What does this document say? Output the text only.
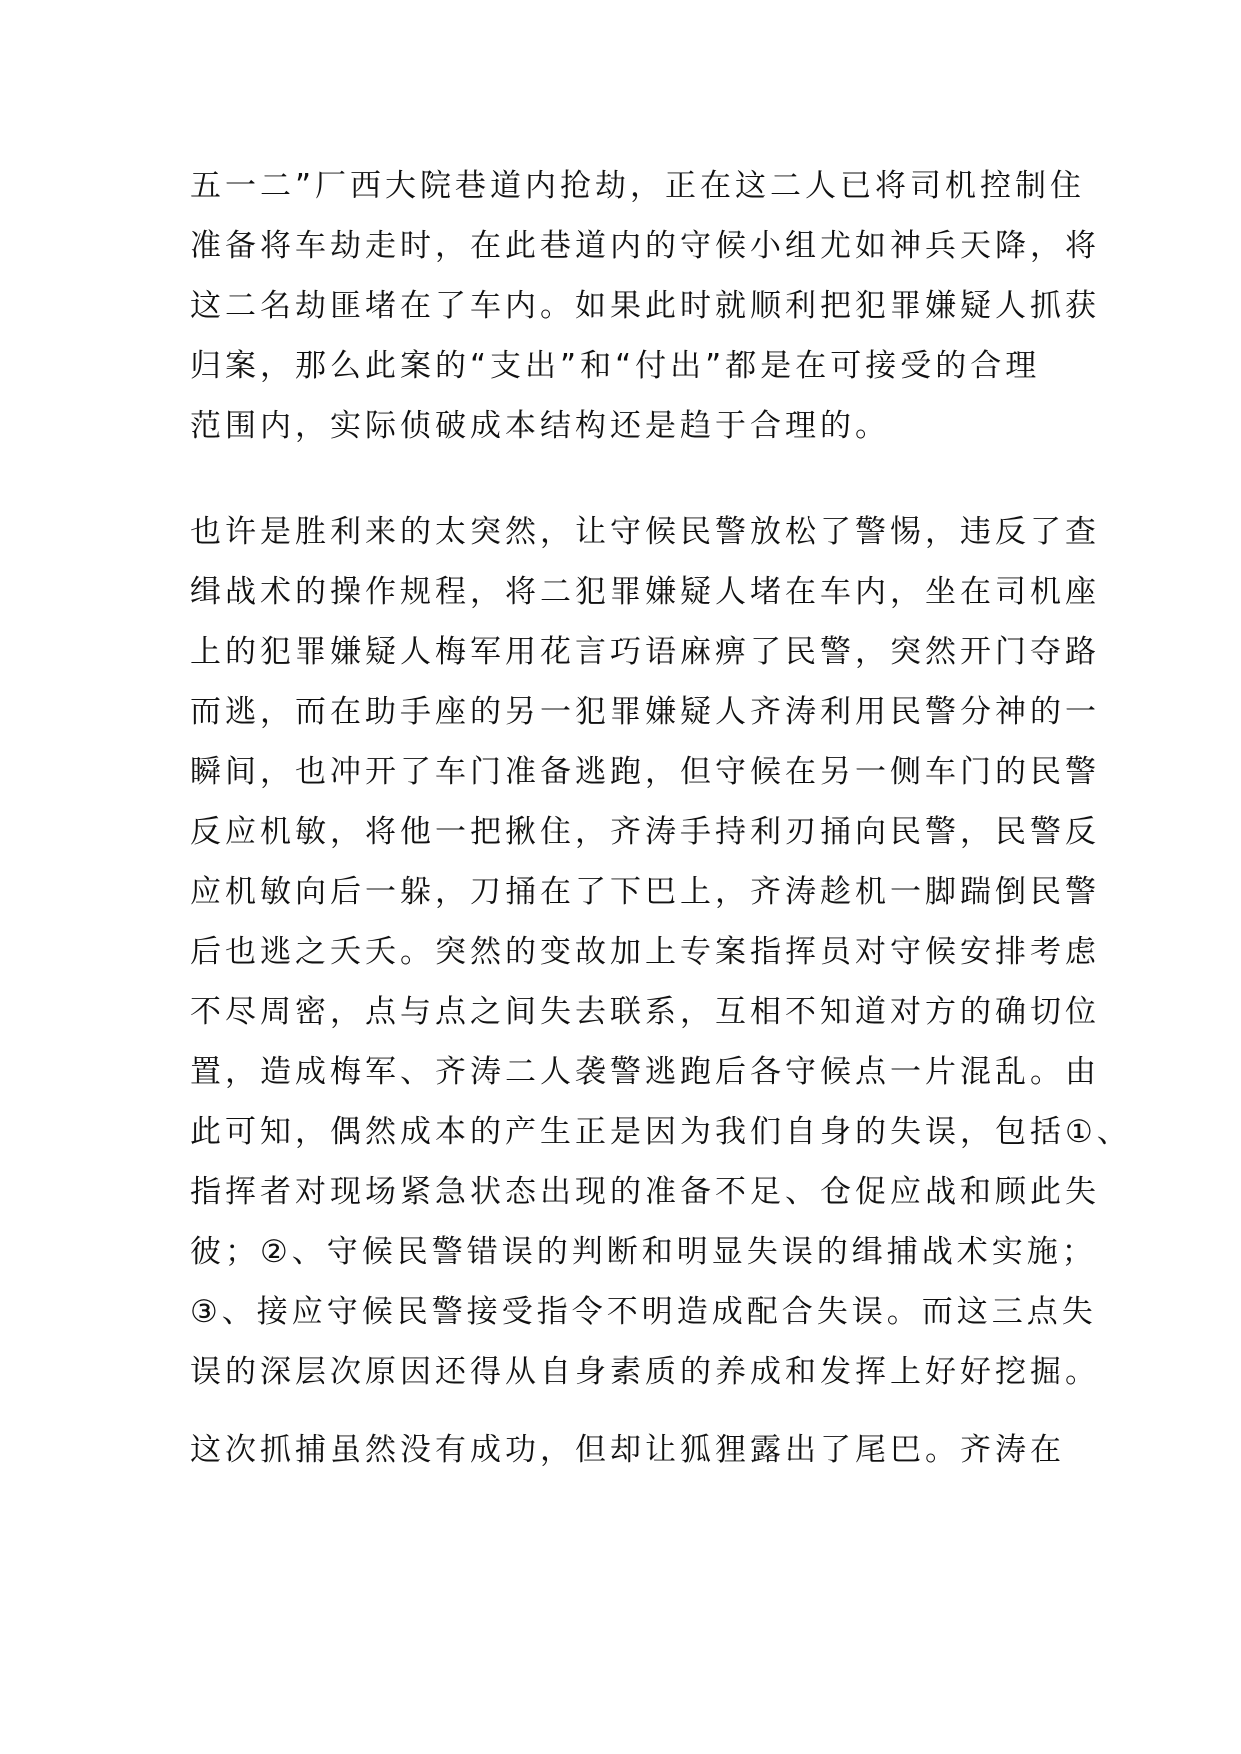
五一二”厂西大院巷道内抢劫，正在这二人已将司机控制住
准备将车劫走时，在此巷道内的守候小组尤如神兵天降，将
这二名劫匪堵在了车内。如果此时就顺利把犯罪嫌疑人抓获
归案，那么此案的“支出”和“付出”都是在可接受的合理
范围内，实际侦破成本结构还是趋于合理的。
也许是胜利来的太突然，让守候民警放松了警惕，违反了查
缉战术的操作规程，将二犯罪嫌疑人堵在车内，坐在司机座
上的犯罪嫌疑人梅军用花言巧语麻痹了民警，突然开门夺路
而逃，而在助手座的另一犯罪嫌疑人齐涛利用民警分神的一
瞬间，也冲开了车门准备逃跑，但守候在另一侧车门的民警
反应机敏，将他一把揪住，齐涛手持利刃捅向民警，民警反
应机敏向后一躲，刀捅在了下巴上，齐涛趁机一脚踹倒民警
后也逃之夭夭。突然的变故加上专案指挥员对守候安排考虑
不尽周密，点与点之间失去联系，互相不知道对方的确切位
置，造成梅军、齐涛二人袭警逃跑后各守候点一片混乱。由
此可知，偶然成本的产生正是因为我们自身的失误，包括①、
指挥者对现场紧急状态出现的准备不足、仓促应战和顾此失
彼；②、守候民警错误的判断和明显失误的缉捕战术实施；
③、接应守候民警接受指令不明造成配合失误。而这三点失
误的深层次原因还得从自身素质的养成和发挥上好好挖掘。
这次抓捕虽然没有成功，但却让狐狸露出了尾巴。齐涛在
